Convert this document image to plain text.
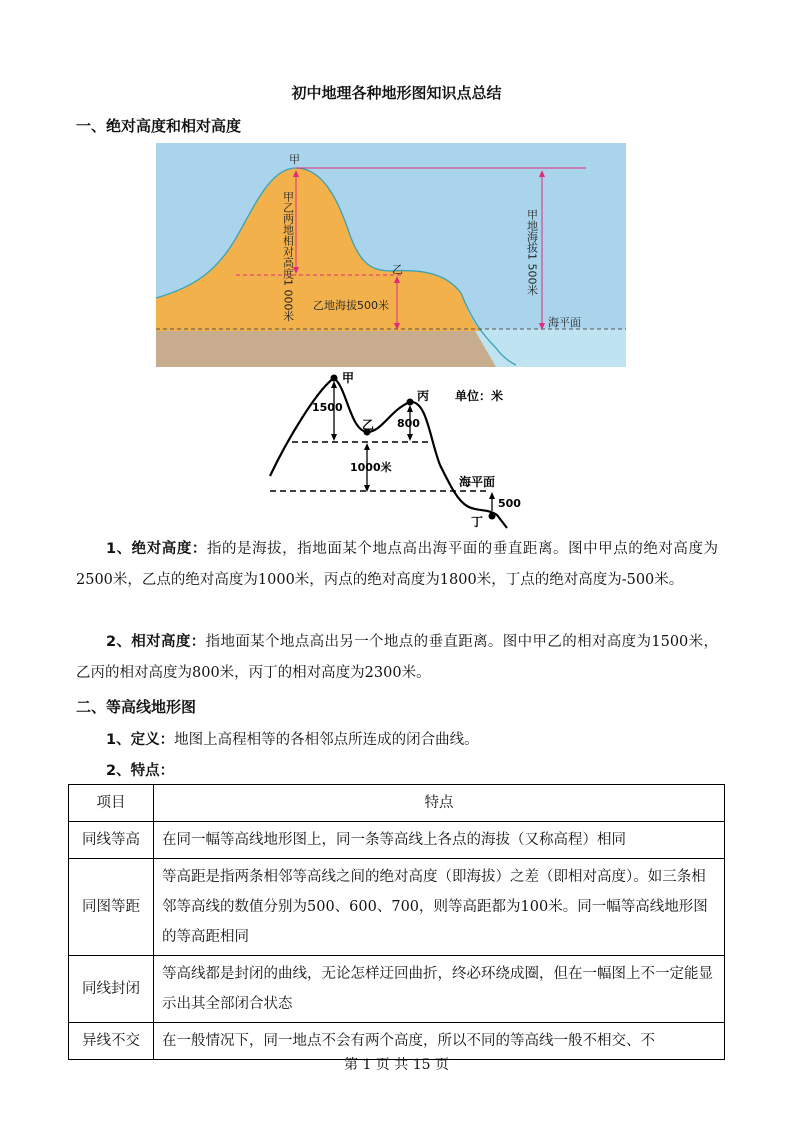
初中地理各种地形图知识点总结
一、绝对高度和相对高度
甲
乙
甲乙两地相对高度1 000米 乙地海拔500米
甲地海拔1 500米
海平面
甲
乙
丙
丁
单位：米
1500
800
1000米
海平面
500
1、绝对高度：指的是海拔，指地面某个地点高出海平面的垂直距离。图中甲点的绝对高度为2500米，乙点的绝对高度为1000米，丙点的绝对高度为1800米，丁点的绝对高度为-500米。
2、相对高度：指地面某个地点高出另一个地点的垂直距离。图中甲乙的相对高度为1500米，乙丙的相对高度为800米，丙丁的相对高度为2300米。
二、等高线地形图
1、定义：地图上高程相等的各相邻点所连成的闭合曲线。
2、特点：
项目	特点
同线等高	在同一幅等高线地形图上，同一条等高线上各点的海拔（又称高程）相同
同图等距	等高距是指两条相邻等高线之间的绝对高度（即海拔）之差（即相对高度）。如三条相邻等高线的数值分别为500、600、700，则等高距都为100米。同一幅等高线地形图的等高距相同
同线封闭	等高线都是封闭的曲线，无论怎样迂回曲折，终必环绕成圈，但在一幅图上不一定能显示出其全部闭合状态
异线不交	在一般情况下，同一地点不会有两个高度，所以不同的等高线一般不相交、不
第 1 页 共 15 页
